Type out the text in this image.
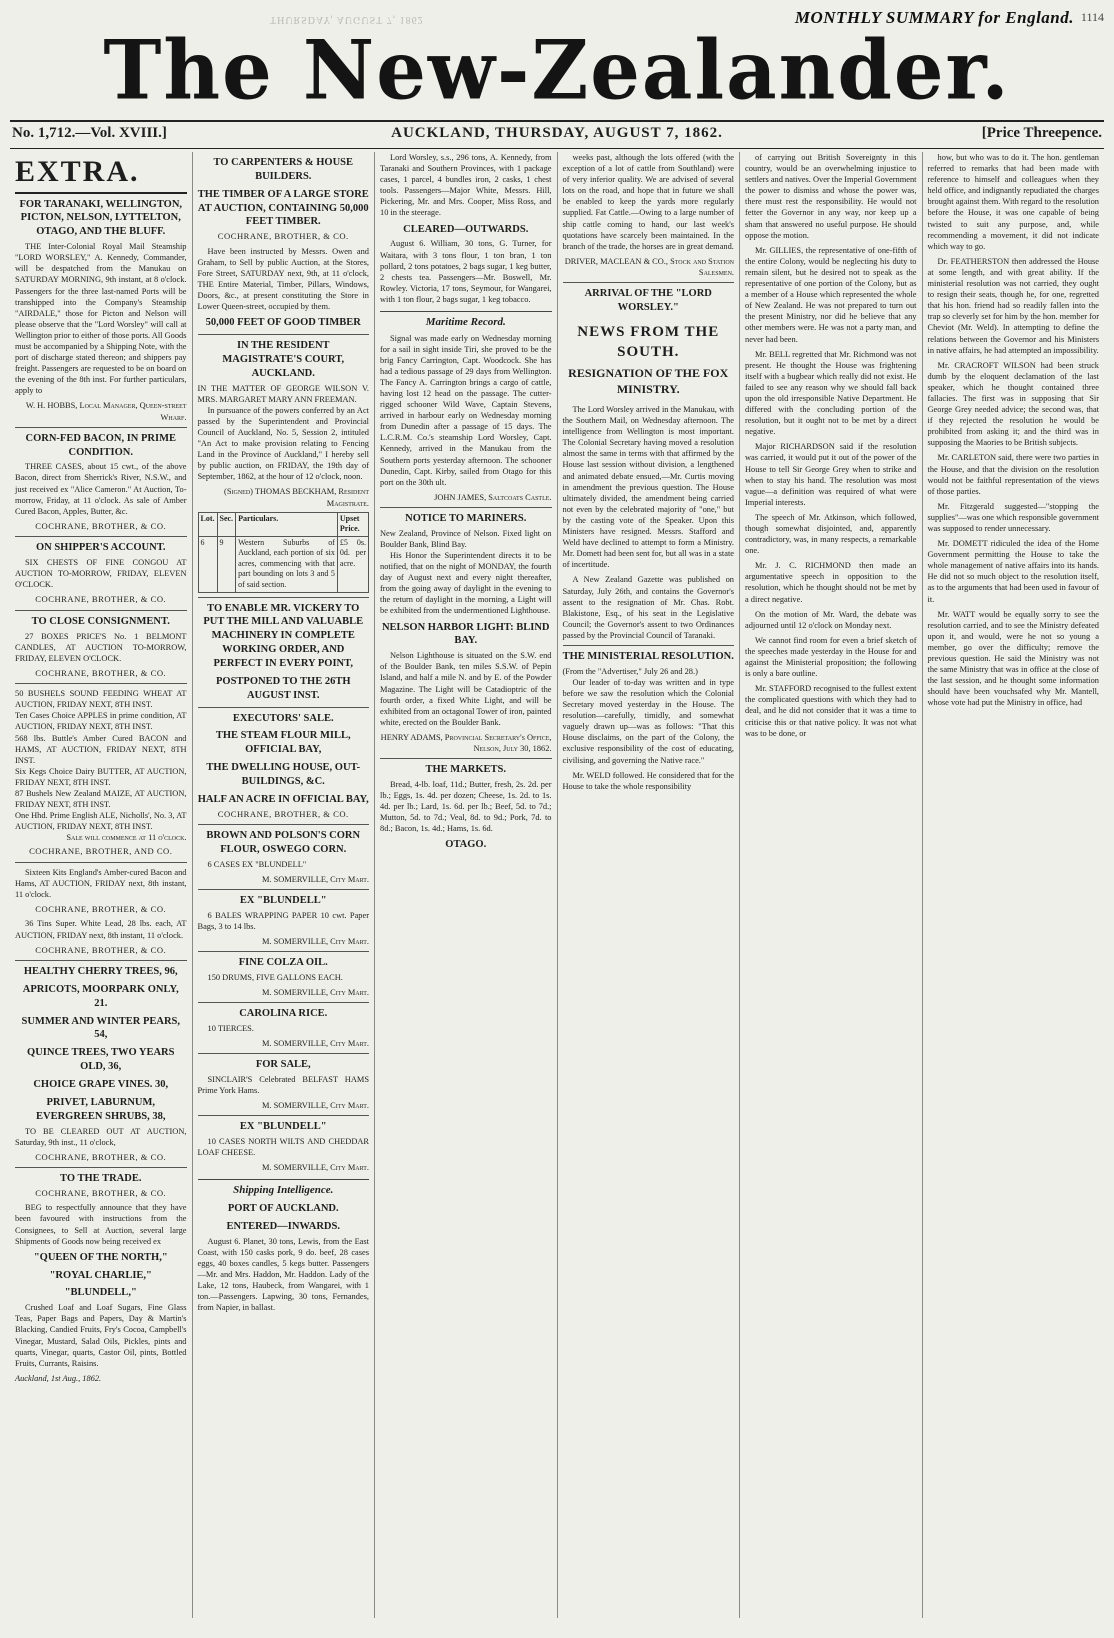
THURSDAY, AUGUST 7, 1862	MONTHLY SUMMARY for England. 1114
The New-Zealander.
No. 1,712.—Vol. XVIII.]	AUCKLAND, THURSDAY, AUGUST 7, 1862.	[Price Threepence.
EXTRA.
FOR TARANAKI, WELLINGTON, PICTON, NELSON, LYTTELTON, OTAGO, AND THE BLUFF.

THE Inter-Colonial Royal Mail Steamship "LORD WORSLEY," A. Kennedy, Commander, will be despatched from the Manukau on SATURDAY MORNING, 9th instant, at 8 o'clock. Passengers for the three last-named Ports will be transhipped into the Company's Steamship "AIRDALE," those for Picton and Nelson will please observe that the "Lord Worsley" will call at Wellington prior to either of those ports. All Goods must be accompanied by a Shipping Note, with the port of discharge stated thereon; and shippers pay freight. Passengers are requested to be on board on the evening of the 8th inst. For further particulars, apply to

W. H. HOBBS, Local Manager, Queen-street Wharf.

CORN-FED BACON, IN PRIME CONDITION.

THREE CASES, about 15 cwt., of the above Bacon, direct from Sherrick's River, N.S.W., and just received ex "Alice Cameron." At Auction, To-morrow, Friday, at 11 o'clock. As sale of Amber Cured Bacon, Apples, Butter, &c.

COCHRANE, BROTHER, & CO.
ON SHIPPER'S ACCOUNT.

SIX CHESTS OF FINE CONGOU AT AUCTION TO-MORROW, FRIDAY, ELEVEN O'CLOCK.

COCHRANE, BROTHER, & CO.
TO CLOSE CONSIGNMENT.

27 BOXES PRICE'S No. 1 BELMONT CANDLES, AT AUCTION TO-MORROW, FRIDAY, ELEVEN O'CLOCK.

COCHRANE, BROTHER, & CO.

50 BUSHELS SOUND FEEDING WHEAT AT AUCTION, FRIDAY NEXT, 8TH INST.

Ten Cases Choice APPLES in prime condition, AT AUCTION, FRIDAY NEXT, 8TH INST.

568 lbs. Buttle's Amber Cured BACON and HAMS, AT AUCTION, FRIDAY NEXT, 8TH INST.

Six Kegs Choice Dairy BUTTER, AT AUCTION, FRIDAY NEXT, 8TH INST.

87 Bushels New Zealand MAIZE, AT AUCTION, FRIDAY NEXT, 8TH INST.

One Hhd. Prime English ALE, Nicholls', No. 3, AT AUCTION, FRIDAY NEXT, 8TH INST.

Sale will commence at 11 o'clock.

COCHRANE, BROTHER, AND CO.

Sixteen Kits England's Amber-cured Bacon and Hams, AT AUCTION, FRIDAY next, 8th instant, 11 o'clock.

COCHRANE, BROTHER, & CO.

36 Tins Super. White Lead, 28 lbs. each, AT AUCTION, FRIDAY next, 8th instant, 11 o'clock.

COCHRANE, BROTHER, & CO.

HEALTHY CHERRY TREES, 96,

APRICOTS, MOORPARK ONLY, 21.

SUMMER AND WINTER PEARS, 54,

QUINCE TREES, TWO YEARS OLD, 36,

CHOICE GRAPE VINES. 30,

PRIVET, LABURNUM, EVERGREEN SHRUBS, 38,

TO BE CLEARED OUT AT AUCTION, Saturday, 9th inst., 11 o'clock,

COCHRANE, BROTHER, & CO.
TO THE TRADE.
COCHRANE, BROTHER, & CO.

BEG to respectfully announce that they have been favoured with instructions from the Consignees, to Sell at Auction, several large Shipments of Goods now being received ex

"QUEEN OF THE NORTH,"

"ROYAL CHARLIE,"

"BLUNDELL,"

Crushed Loaf and Loaf Sugars, Fine Glass Teas, Paper Bags and Papers, Day & Martin's Blacking, Candied Fruits, Fry's Cocoa, Campbell's Vinegar, Mustard, Salad Oils, Pickles, pints and quarts, Vinegar, quarts, Castor Oil, pints, Bottled Fruits, Currants, Raisins.

Auckland, 1st Aug., 1862.

TO CARPENTERS & HOUSE BUILDERS.
THE TIMBER OF A LARGE STORE AT AUCTION, CONTAINING 50,000 FEET TIMBER.
COCHRANE, BROTHER, & CO.

Have been instructed by Messrs. Owen and Graham, to Sell by public Auction, at the Stores, Fore Street, SATURDAY next, 9th, at 11 o'clock, THE Entire Material, Timber, Pillars, Windows, Doors, &c., at present constituting the Store in Lower Queen-street, occupied by them.

50,000 FEET OF GOOD TIMBER
IN THE RESIDENT MAGISTRATE'S COURT, AUCKLAND.

IN THE MATTER OF GEORGE WILSON V. MRS. MARGARET MARY ANN FREEMAN.

In pursuance of the powers conferred by an Act passed by the Superintendent and Provincial Council of Auckland, No. 5, Session 2, intituled "An Act to make provision relating to Fencing Land in the Province of Auckland," I hereby sell by public auction, on FRIDAY, the 19th day of September, 1862, at the hour of 12 o'clock, noon.

(Signed) THOMAS BECKHAM, Resident Magistrate.

Lot.	Sec.	Particulars.	Upset Price.
6	9	Western Suburbs of Auckland, each portion of six acres, commencing with that part bounding on lots 3 and 5 of said section.	£5 0s. 0d. per acre.
TO ENABLE MR. VICKERY TO PUT THE MILL AND VALUABLE MACHINERY IN COMPLETE WORKING ORDER, AND PERFECT IN EVERY POINT,
POSTPONED TO THE 26TH AUGUST INST.
EXECUTORS' SALE.

THE STEAM FLOUR MILL, OFFICIAL BAY,

THE DWELLING HOUSE, OUT-BUILDINGS, &C.

HALF AN ACRE IN OFFICIAL BAY,

COCHRANE, BROTHER, & CO.
BROWN AND POLSON'S CORN FLOUR, OSWEGO CORN.

6 CASES EX "BLUNDELL"

M. SOMERVILLE, City Mart.

EX "BLUNDELL"

6 BALES WRAPPING PAPER 10 cwt. Paper Bags, 3 to 14 lbs.

M. SOMERVILLE, City Mart.

FINE COLZA OIL.

150 DRUMS, FIVE GALLONS EACH.

M. SOMERVILLE, City Mart.

CAROLINA RICE.

10 TIERCES.

M. SOMERVILLE, City Mart.

FOR SALE,

SINCLAIR'S Celebrated BELFAST HAMS Prime York Hams.

M. SOMERVILLE, City Mart.

EX "BLUNDELL"

10 CASES NORTH WILTS AND CHEDDAR LOAF CHEESE.

M. SOMERVILLE, City Mart.

Shipping Intelligence.
PORT OF AUCKLAND.
ENTERED—INWARDS.

August 6. Planet, 30 tons, Lewis, from the East Coast, with 150 casks pork, 9 do. beef, 28 cases eggs, 40 boxes candles, 5 kegs butter. Passengers—Mr. and Mrs. Haddon, Mr. Haddon. Lady of the Lake, 12 tons, Haubeck, from Wangarei, with 1 ton.—Passengers. Lapwing, 30 tons, Fernandes, from Napier, in ballast.

Lord Worsley, s.s., 296 tons, A. Kennedy, from Taranaki and Southern Provinces, with 1 package cases, 1 parcel, 4 bundles iron, 2 casks, 1 chest tools. Passengers—Major White, Messrs. Hill, Pickering, Mr. and Mrs. Cooper, Miss Ross, and 10 in the steerage.

CLEARED—OUTWARDS.

August 6. William, 30 tons, G. Turner, for Waitara, with 3 tons flour, 1 ton bran, 1 ton pollard, 2 tons potatoes, 2 bags sugar, 1 keg butter, 2 chests tea. Passengers—Mr. Boswell, Mr. Rowley. Victoria, 17 tons, Seymour, for Wangarei, with 1 ton flour, 2 bags sugar, 1 keg tobacco.

Maritime Record.

Signal was made early on Wednesday morning for a sail in sight inside Tiri, she proved to be the brig Fancy Carrington, Capt. Woodcock. She has had a tedious passage of 29 days from Wellington. The Fancy A. Carrington brings a cargo of cattle, having lost 12 head on the passage. The cutter-rigged schooner Wild Wave, Captain Stevens, arrived in harbour early on Wednesday morning from Dunedin after a passage of 15 days. The L.C.R.M. Co.'s steamship Lord Worsley, Capt. Kennedy, arrived in the Manukau from the Southern ports yesterday afternoon. The schooner Dunedin, Capt. Kirby, sailed from Otago for this port on the 30th ult.

JOHN JAMES, Saltcoats Castle.

NOTICE TO MARINERS.

New Zealand, Province of Nelson. Fixed light on Boulder Bank, Blind Bay.

His Honor the Superintendent directs it to be notified, that on the night of MONDAY, the fourth day of August next and every night thereafter, from the going away of daylight in the evening to the return of daylight in the morning, a Light will be exhibited from the undermentioned Lighthouse.

NELSON HARBOR LIGHT: BLIND BAY.

Nelson Lighthouse is situated on the S.W. end of the Boulder Bank, ten miles S.S.W. of Pepin Island, and half a mile N. and by E. of the Powder Magazine. The Light will be Catadioptric of the fourth order, a fixed White Light, and will be exhibited from an octagonal Tower of iron, painted white, erected on the Boulder Bank.

HENRY ADAMS, Provincial Secretary's Office, Nelson, July 30, 1862.

THE MARKETS.

Bread, 4-lb. loaf, 11d.; Butter, fresh, 2s. 2d. per lb.; Eggs, 1s. 4d. per dozen; Cheese, 1s. 2d. to 1s. 4d. per lb.; Lard, 1s. 6d. per lb.; Beef, 5d. to 7d.; Mutton, 5d. to 7d.; Veal, 8d. to 9d.; Pork, 7d. to 8d.; Bacon, 1s. 4d.; Hams, 1s. 6d.

OTAGO.

weeks past, although the lots offered (with the exception of a lot of cattle from Southland) were of very inferior quality. We are advised of several lots on the road, and hope that in future we shall be enabled to keep the yards more regularly supplied. Fat Cattle.—Owing to a large number of ship cattle coming to hand, our last week's quotations have scarcely been maintained. In the branch of the trade, the horses are in great demand.

DRIVER, MACLEAN & CO., Stock and Station Salesmen.

ARRIVAL OF THE "LORD WORSLEY."
NEWS FROM THE SOUTH.
RESIGNATION OF THE FOX MINISTRY.

The Lord Worsley arrived in the Manukau, with the Southern Mail, on Wednesday afternoon. The intelligence from Wellington is most important. The Colonial Secretary having moved a resolution almost the same in terms with that affirmed by the House last session without division, a lengthened and animated debate ensued,—Mr. Curtis moving in amendment the previous question. The House ultimately divided, the amendment being carried not even by the celebrated majority of "one," but by the casting vote of the Speaker. Upon this Ministers have resigned. Messrs. Stafford and Weld have declined to attempt to form a Ministry. Mr. Domett had been sent for, but all was in a state of incertitude.

A New Zealand Gazette was published on Saturday, July 26th, and contains the Governor's assent to the resignation of Mr. Chas. Robt. Blakistone, Esq., of his seat in the Legislative Council; the Governor's assent to two Ordinances passed by the Provincial Council of Taranaki.

THE MINISTERIAL RESOLUTION.

(From the "Advertiser," July 26 and 28.)

Our leader of to-day was written and in type before we saw the resolution which the Colonial Secretary moved yesterday in the House. The resolution—carefully, timidly, and somewhat vaguely drawn up—was as follows: "That this House disclaims, on the part of the Colony, the exclusive responsibility of the cost of educating, civilising, and governing the Native race."

Mr. WELD followed. He considered that for the House to take the whole responsibility

of carrying out British Sovereignty in this country, would be an overwhelming injustice to settlers and natives. Over the Imperial Government the power to dismiss and whose the power was, there must rest the responsibility. He would not fetter the Governor in any way, nor keep up a sham that answered no useful purpose. He should oppose the motion.

Mr. GILLIES, the representative of one-fifth of the entire Colony, would be neglecting his duty to remain silent, but he desired not to speak as the representative of one portion of the Colony, but as a member of a House which represented the whole of New Zealand. He was not prepared to turn out the present Ministry, nor did he believe that any other members were. He was not a party man, and never had been.

Mr. BELL regretted that Mr. Richmond was not present. He thought the House was frightening itself with a bugbear which really did not exist. He failed to see any reason why we should fall back upon the old irresponsible Native Department. He differed with the concluding portion of the resolution, but it ought not to be met by a direct negative.

Major RICHARDSON said if the resolution was carried, it would put it out of the power of the House to tell Sir George Grey when to strike and when to stay his hand. The resolution was most vague—a definition was required of what were Imperial interests.

The speech of Mr. Atkinson, which followed, though somewhat disjointed, and, apparently contradictory, was, in many respects, a remarkable one.

Mr. J. C. RICHMOND then made an argumentative speech in opposition to the resolution, which he thought should not be met by a direct negative.

On the motion of Mr. Ward, the debate was adjourned until 12 o'clock on Monday next.

We cannot find room for even a brief sketch of the speeches made yesterday in the House for and against the Ministerial proposition; the following is only a bare outline.

Mr. STAFFORD recognised to the fullest extent the complicated questions with which they had to deal, and he did not consider that it was a time to criticise this or that native policy. It was not what was to be done, or

how, but who was to do it. The hon. gentleman referred to remarks that had been made with reference to himself and colleagues when they held office, and indignantly repudiated the charges brought against them. With regard to the resolution before the House, it was one capable of being twisted to suit any purpose, and, while recommending a movement, it did not indicate which way to go.

Dr. FEATHERSTON then addressed the House at some length, and with great ability. If the ministerial resolution was not carried, they ought to resign their seats, though he, for one, regretted that his hon. friend had so readily fallen into the trap so cleverly set for him by the hon. member for Cheviot (Mr. Weld). In attempting to define the relations between the Governor and his Ministers in native affairs, he had attempted an impossibility.

Mr. CRACROFT WILSON had been struck dumb by the eloquent declamation of the last speaker, which he thought contained three fallacies. The first was in supposing that Sir George Grey needed advice; the second was, that if they rejected the resolution he would be prohibited from asking it; and the third was in supposing the Maories to be British subjects.

Mr. CARLETON said, there were two parties in the House, and that the division on the resolution would not be faithful representation of the views of those parties.

Mr. Fitzgerald suggested—"stopping the supplies"—was one which responsible government was supposed to render unnecessary.

Mr. DOMETT ridiculed the idea of the Home Government permitting the House to take the whole management of native affairs into its hands. He did not so much object to the resolution itself, as to the arguments that had been used in favour of it.

Mr. WATT would be equally sorry to see the resolution carried, and to see the Ministry defeated upon it, and would, were he not so young a member, go over the difficulty; remove the previous question. He said the Ministry was not the same Ministry that was in office at the close of the last session, and he thought some information should have been vouchsafed why Mr. Mantell, whose vote had put the Ministry in office, had
